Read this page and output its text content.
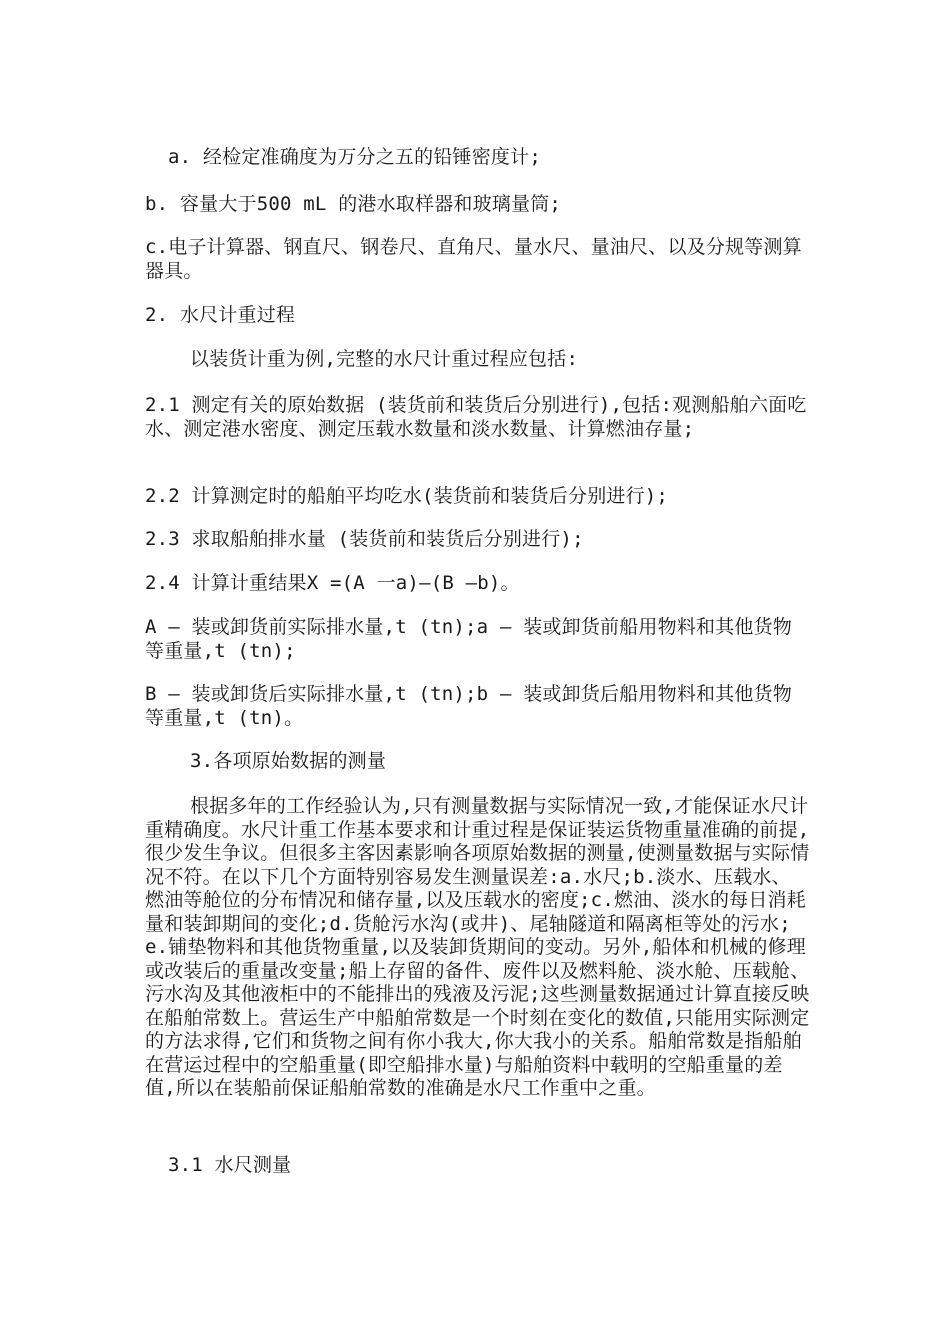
a. 经检定准确度为万分之五的铅锤密度计;

b. 容量大于500 mL 的港水取样器和玻璃量筒;

c.电子计算器、钢直尺、钢卷尺、直角尺、量水尺、量油尺、以及分规等测算器具。

2. 水尺计重过程

以装货计重为例,完整的水尺计重过程应包括:

2.1 测定有关的原始数据 (装货前和装货后分别进行),包括:观测船舶六面吃水、测定港水密度、测定压载水数量和淡水数量、计算燃油存量;

2.2 计算测定时的船舶平均吃水(装货前和装货后分别进行);

2.3 求取船舶排水量 (装货前和装货后分别进行);

2.4 计算计重结果X =(A 一a)—(B —b)。

A — 装或卸货前实际排水量,t (tn);a — 装或卸货前船用物料和其他货物等重量,t (tn);

B — 装或卸货后实际排水量,t (tn);b — 装或卸货后船用物料和其他货物等重量,t (tn)。

3.各项原始数据的测量

根据多年的工作经验认为,只有测量数据与实际情况一致,才能保证水尺计重精确度。水尺计重工作基本要求和计重过程是保证装运货物重量准确的前提,很少发生争议。但很多主客因素影响各项原始数据的测量,使测量数据与实际情况不符。在以下几个方面特别容易发生测量误差:a.水尺;b.淡水、压载水、燃油等舱位的分布情况和储存量,以及压载水的密度;c.燃油、淡水的每日消耗量和装卸期间的变化;d.货舱污水沟(或井)、尾轴隧道和隔离柜等处的污水;e.铺垫物料和其他货物重量,以及装卸货期间的变动。另外,船体和机械的修理或改装后的重量改变量;船上存留的备件、废件以及燃料舱、淡水舱、压载舱、污水沟及其他液柜中的不能排出的残液及污泥;这些测量数据通过计算直接反映在船舶常数上。营运生产中船舶常数是一个时刻在变化的数值,只能用实际测定的方法求得,它们和货物之间有你小我大,你大我小的关系。船舶常数是指船舶在营运过程中的空船重量(即空船排水量)与船舶资料中载明的空船重量的差值,所以在装船前保证船舶常数的准确是水尺工作重中之重。

3.1 水尺测量
